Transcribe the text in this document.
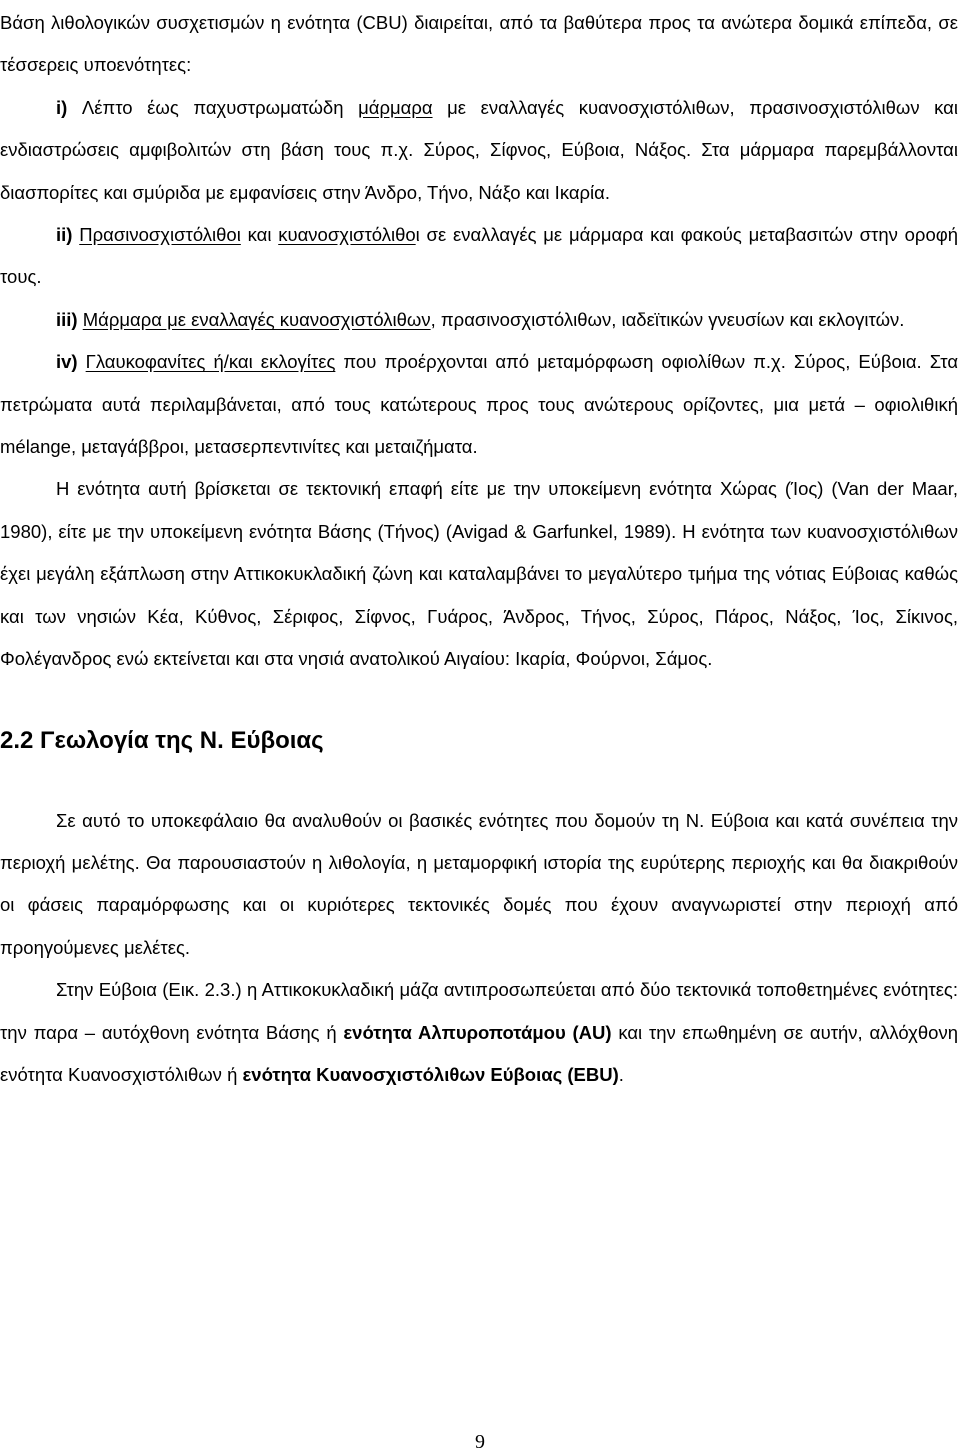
Βάση λιθολογικών συσχετισμών η ενότητα (CBU) διαιρείται, από τα βαθύτερα προς τα ανώτερα δομικά επίπεδα, σε τέσσερεις υποενότητες:

i) Λέπτο έως παχυστρωματώδη μάρμαρα με εναλλαγές κυανοσχιστόλιθων, πρασινοσχιστόλιθων και ενδιαστρώσεις αμφιβολιτών στη βάση τους π.χ. Σύρος, Σίφνος, Εύβοια, Νάξος. Στα μάρμαρα παρεμβάλλονται διασπορίτες και σμύριδα με εμφανίσεις στην Άνδρο, Τήνο, Νάξο και Ικαρία.

ii) Πρασινοσχιστόλιθοι και κυανοσχιστόλιθοι σε εναλλαγές με μάρμαρα και φακούς μεταβασιτών στην οροφή τους.

iii) Μάρμαρα με εναλλαγές κυανοσχιστόλιθων, πρασινοσχιστόλιθων, ιαδεϊτικών γνευσίων και εκλογιτών.

iv) Γλαυκοφανίτες ή/και εκλογίτες που προέρχονται από μεταμόρφωση οφιολίθων π.χ. Σύρος, Εύβοια. Στα πετρώματα αυτά περιλαμβάνεται, από τους κατώτερους προς τους ανώτερους ορίζοντες, μια μετά – οφιολιθική mélange, μεταγάββροι, μετασερπεντινίτες και μεταιζήματα.

Η ενότητα αυτή βρίσκεται σε τεκτονική επαφή είτε με την υποκείμενη ενότητα Χώρας (Ίος) (Van der Maar, 1980), είτε με την υποκείμενη ενότητα Βάσης (Τήνος) (Avigad & Garfunkel, 1989). Η ενότητα των κυανοσχιστόλιθων έχει μεγάλη εξάπλωση στην Αττικοκυκλαδική ζώνη και καταλαμβάνει το μεγαλύτερο τμήμα της νότιας Εύβοιας καθώς και των νησιών Κέα, Κύθνος, Σέριφος, Σίφνος, Γυάρος, Άνδρος, Τήνος, Σύρος, Πάρος, Νάξος, Ίος, Σίκινος, Φολέγανδρος ενώ εκτείνεται και στα νησιά ανατολικού Αιγαίου: Ικαρία, Φούρνοι, Σάμος.

2.2 Γεωλογία της Ν. Εύβοιας

Σε αυτό το υποκεφάλαιο θα αναλυθούν οι βασικές ενότητες που δομούν τη Ν. Εύβοια και κατά συνέπεια την περιοχή μελέτης. Θα παρουσιαστούν η λιθολογία, η μεταμορφική ιστορία της ευρύτερης περιοχής και θα διακριθούν οι φάσεις παραμόρφωσης και οι κυριότερες τεκτονικές δομές που έχουν αναγνωριστεί στην περιοχή από προηγούμενες μελέτες.

Στην Εύβοια (Εικ. 2.3.) η Αττικοκυκλαδική μάζα αντιπροσωπεύεται από δύο τεκτονικά τοποθετημένες ενότητες: την παρα – αυτόχθονη ενότητα Βάσης ή ενότητα Αλπυροποτάμου (AU) και την επωθημένη σε αυτήν, αλλόχθονη ενότητα Κυανοσχιστόλιθων ή ενότητα Κυανοσχιστόλιθων Εύβοιας (EBU).

9
